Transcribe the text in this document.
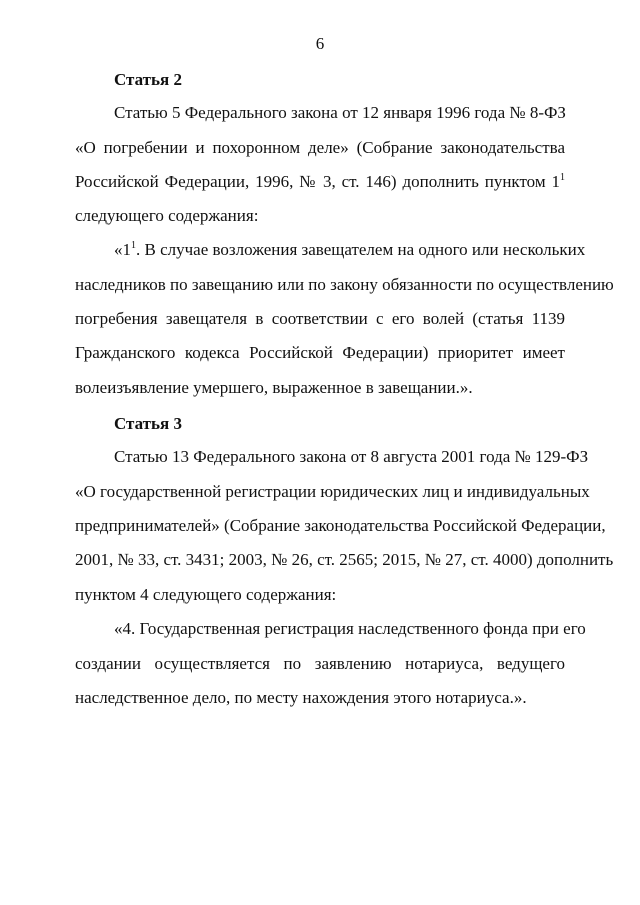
6
Статья 2
Статью 5 Федерального закона от 12 января 1996 года № 8-ФЗ
«О погребении и похоронном деле» (Собрание законодательства
Российской Федерации, 1996, № 3, ст. 146) дополнить пунктом $1^1$
следующего содержания:
«$1^1$. В случае возложения завещателем на одного или нескольких
наследников по завещанию или по закону обязанности по осуществлению
погребения завещателя в соответствии с его волей (статья 1139
Гражданского кодекса Российской Федерации) приоритет имеет
волеизъявление умершего, выраженное в завещании.».
Статья 3
Статью 13 Федерального закона от 8 августа 2001 года № 129-ФЗ
«О государственной регистрации юридических лиц и индивидуальных
предпринимателей» (Собрание законодательства Российской Федерации,
2001, № 33, ст. 3431; 2003, № 26, ст. 2565; 2015, № 27, ст. 4000) дополнить
пунктом 4 следующего содержания:
«4. Государственная регистрация наследственного фонда при его
создании осуществляется по заявлению нотариуса, ведущего
наследственное дело, по месту нахождения этого нотариуса.».
